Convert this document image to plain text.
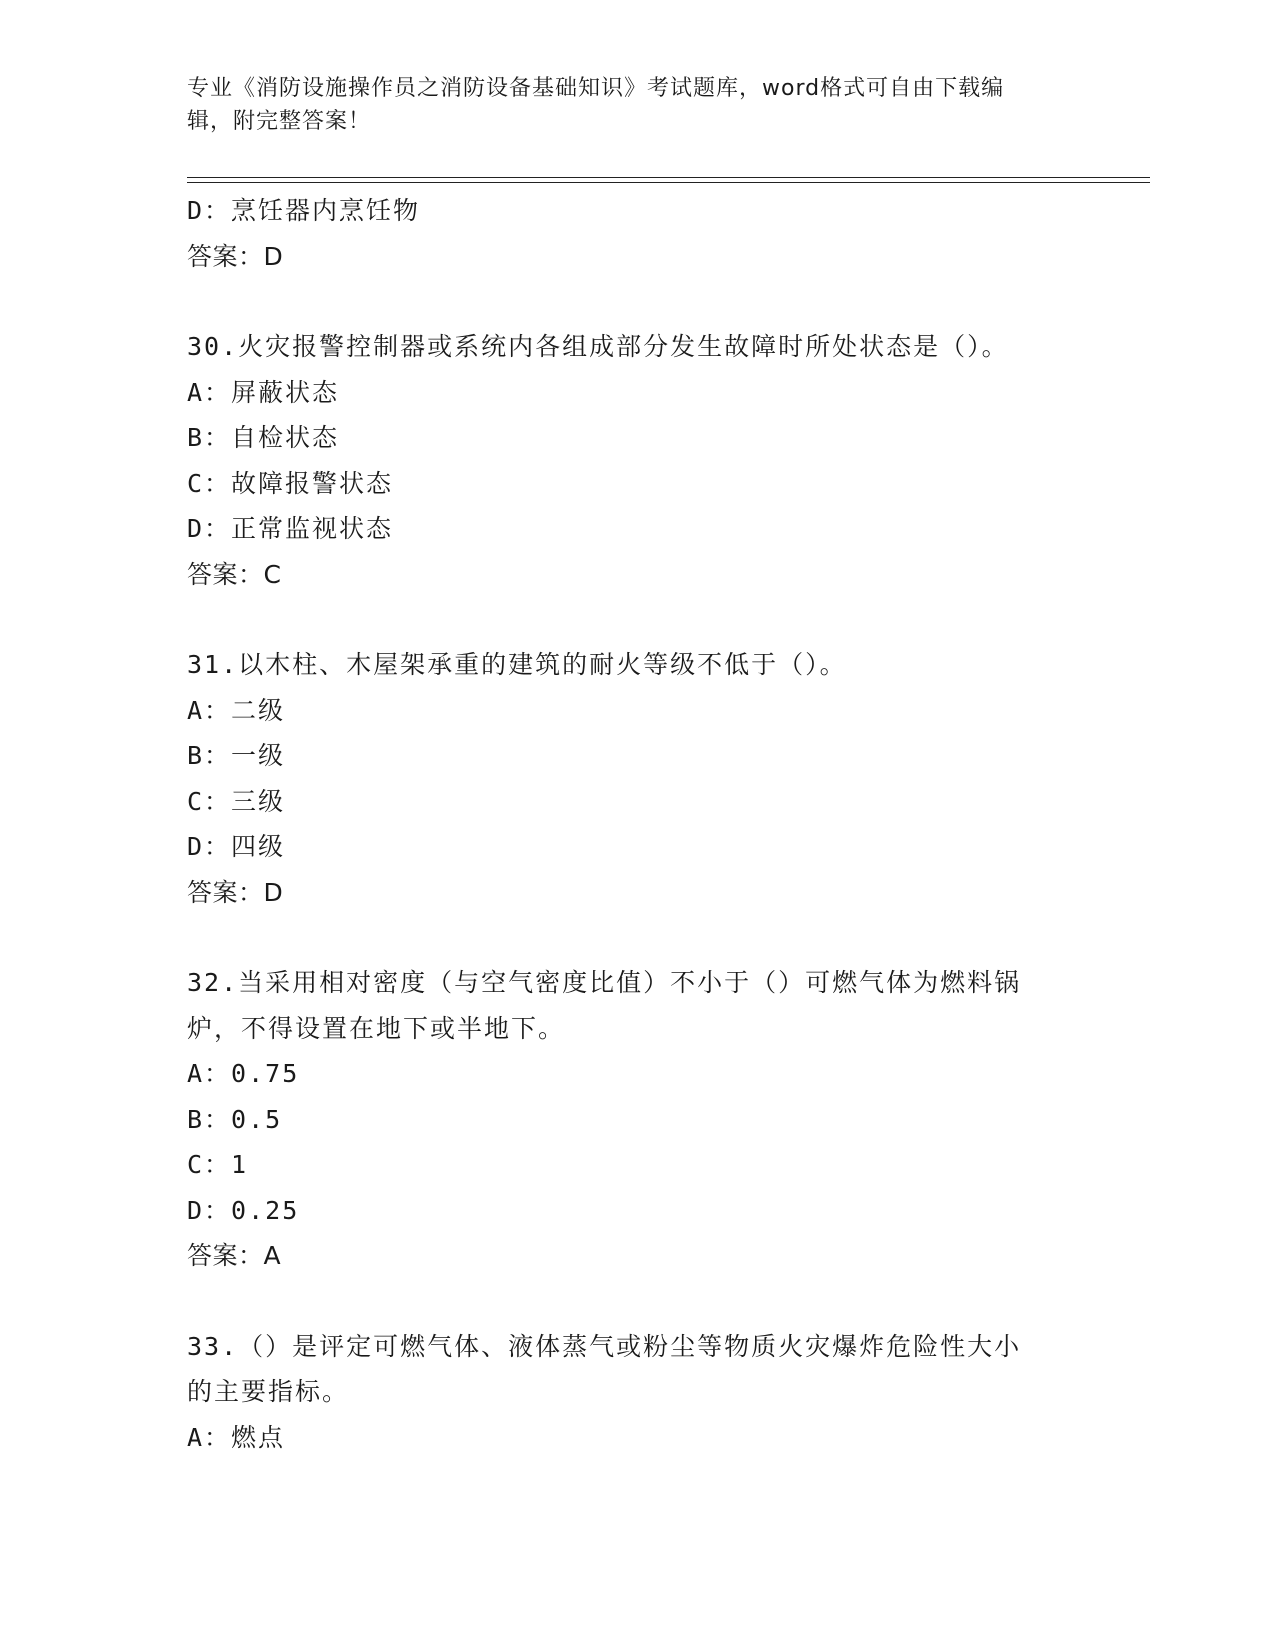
专业《消防设施操作员之消防设备基础知识》考试题库，word格式可自由下载编
辑，附完整答案！
D：烹饪器内烹饪物
答案：D
30.火灾报警控制器或系统内各组成部分发生故障时所处状态是（）。
A：屏蔽状态
B：自检状态
C：故障报警状态
D：正常监视状态
答案：C
31.以木柱、木屋架承重的建筑的耐火等级不低于（）。
A：二级
B：一级
C：三级
D：四级
答案：D
32.当采用相对密度（与空气密度比值）不小于（）可燃气体为燃料锅
炉，不得设置在地下或半地下。
A：0.75
B：0.5
C：1
D：0.25
答案：A
33.（）是评定可燃气体、液体蒸气或粉尘等物质火灾爆炸危险性大小
的主要指标。
A：燃点
